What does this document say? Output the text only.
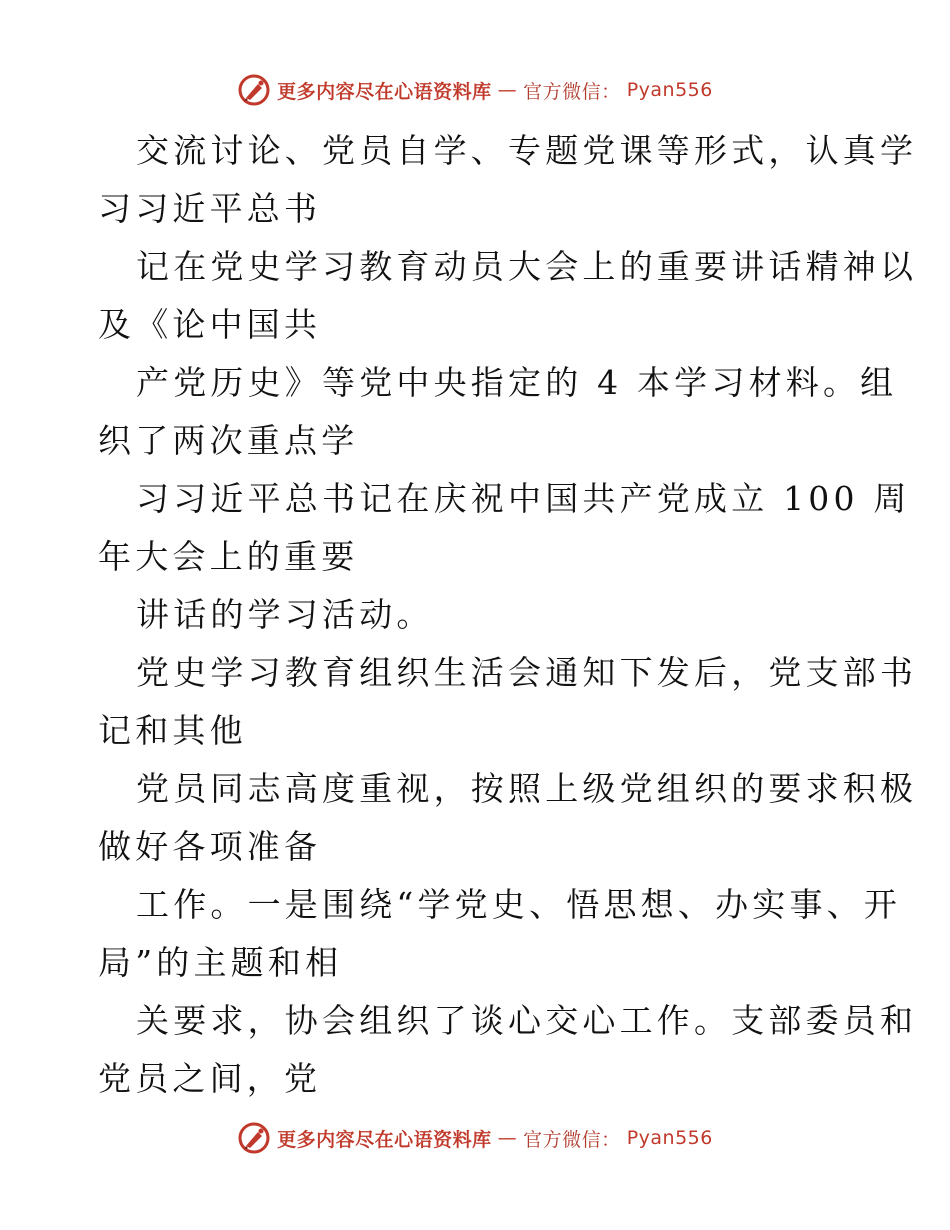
更多内容尽在心语资料库 — 官方微信： Pyan556
交流讨论、党员自学、专题党课等形式，认真学
习习近平总书
记在党史学习教育动员大会上的重要讲话精神以
及《论中国共
产党历史》等党中央指定的 4 本学习材料。组
织了两次重点学
习习近平总书记在庆祝中国共产党成立 100 周
年大会上的重要
讲话的学习活动。
党史学习教育组织生活会通知下发后，党支部书
记和其他
党员同志高度重视，按照上级党组织的要求积极
做好各项准备
工作。一是围绕“学党史、悟思想、办实事、开
局”的主题和相
关要求，协会组织了谈心交心工作。支部委员和
党员之间，党
更多内容尽在心语资料库 — 官方微信： Pyan556
